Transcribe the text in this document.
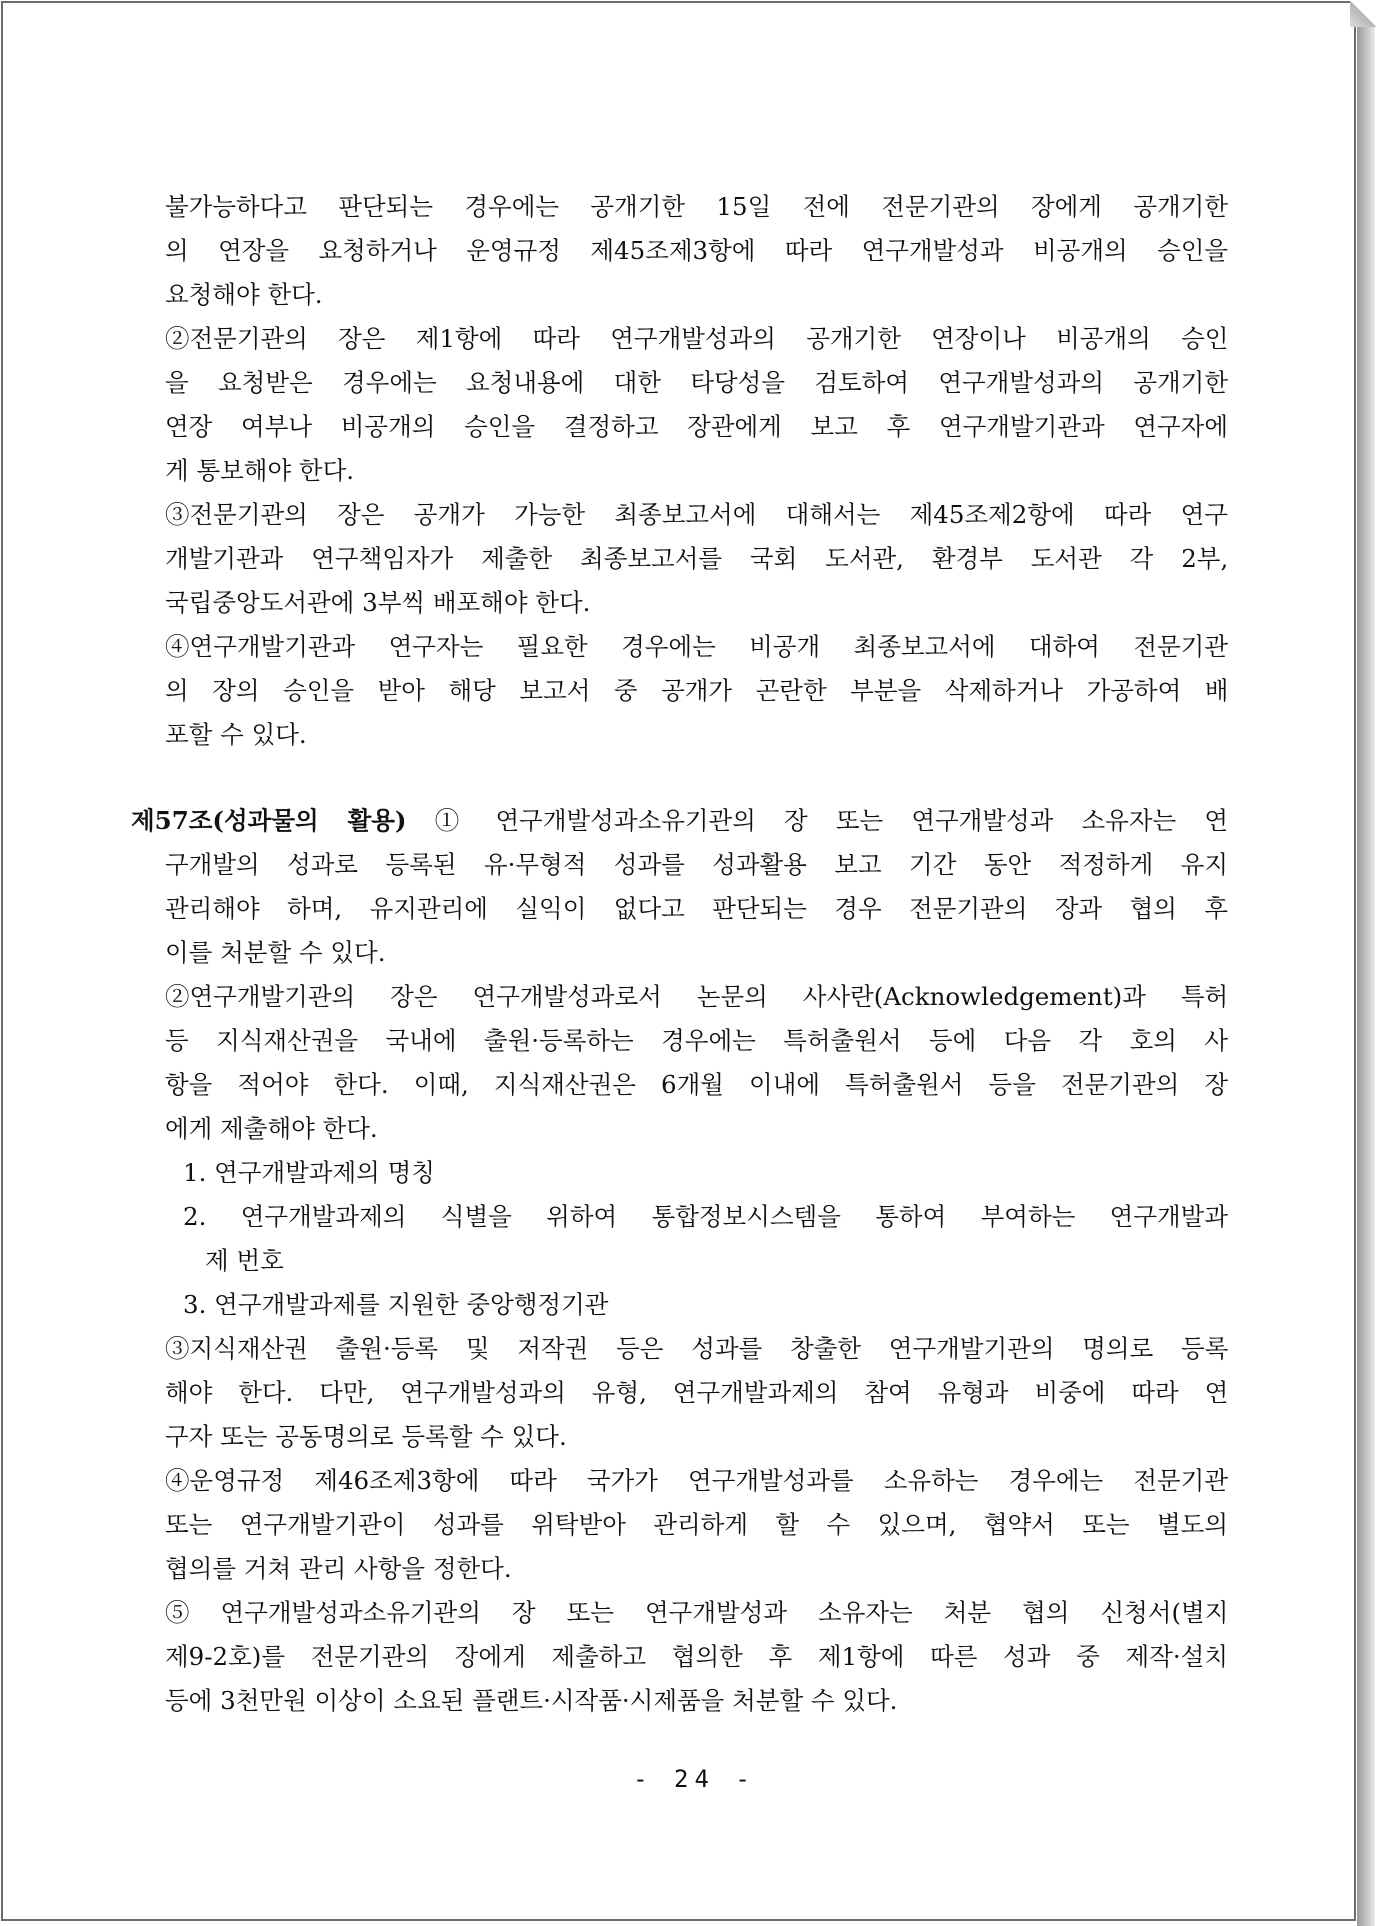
불가능하다고 판단되는 경우에는 공개기한 15일 전에 전문기관의 장에게 공개기한
의 연장을 요청하거나 운영규정 제45조제3항에 따라 연구개발성과 비공개의 승인을
요청해야 한다.
②전문기관의 장은 제1항에 따라 연구개발성과의 공개기한 연장이나 비공개의 승인
을 요청받은 경우에는 요청내용에 대한 타당성을 검토하여 연구개발성과의 공개기한
연장 여부나 비공개의 승인을 결정하고 장관에게 보고 후 연구개발기관과 연구자에
게 통보해야 한다.
③전문기관의 장은 공개가 가능한 최종보고서에 대해서는 제45조제2항에 따라 연구
개발기관과 연구책임자가 제출한 최종보고서를 국회 도서관, 환경부 도서관 각 2부,
국립중앙도서관에 3부씩 배포해야 한다.
④연구개발기관과 연구자는 필요한 경우에는 비공개 최종보고서에 대하여 전문기관
의 장의 승인을 받아 해당 보고서 중 공개가 곤란한 부분을 삭제하거나 가공하여 배
포할 수 있다.
제57조(성과물의 활용) ① 연구개발성과소유기관의 장 또는 연구개발성과 소유자는 연
구개발의 성과로 등록된 유·무형적 성과를 성과활용 보고 기간 동안 적정하게 유지
관리해야 하며, 유지관리에 실익이 없다고 판단되는 경우 전문기관의 장과 협의 후
이를 처분할 수 있다.
②연구개발기관의 장은 연구개발성과로서 논문의 사사란(Acknowledgement)과 특허
등 지식재산권을 국내에 출원·등록하는 경우에는 특허출원서 등에 다음 각 호의 사
항을 적어야 한다. 이때, 지식재산권은 6개월 이내에 특허출원서 등을 전문기관의 장
에게 제출해야 한다.
1. 연구개발과제의 명칭
2. 연구개발과제의 식별을 위하여 통합정보시스템을 통하여 부여하는 연구개발과
제 번호
3. 연구개발과제를 지원한 중앙행정기관
③지식재산권 출원·등록 및 저작권 등은 성과를 창출한 연구개발기관의 명의로 등록
해야 한다. 다만, 연구개발성과의 유형, 연구개발과제의 참여 유형과 비중에 따라 연
구자 또는 공동명의로 등록할 수 있다.
④운영규정 제46조제3항에 따라 국가가 연구개발성과를 소유하는 경우에는 전문기관
또는 연구개발기관이 성과를 위탁받아 관리하게 할 수 있으며, 협약서 또는 별도의
협의를 거쳐 관리 사항을 정한다.
⑤ 연구개발성과소유기관의 장 또는 연구개발성과 소유자는 처분 협의 신청서(별지
제9-2호)를 전문기관의 장에게 제출하고 협의한 후 제1항에 따른 성과 중 제작·설치
등에 3천만원 이상이 소요된 플랜트·시작품·시제품을 처분할 수 있다.
- 24 -
